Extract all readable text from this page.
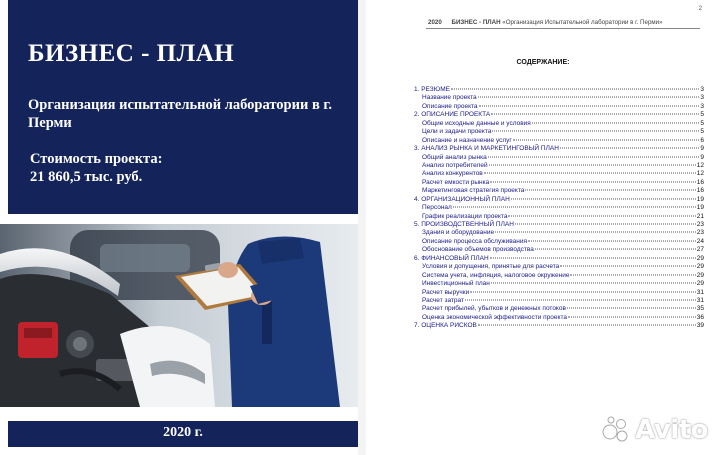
БИЗНЕС - ПЛАН
Организация испытательной лаборатории в г. Перми
Стоимость проекта:
21 860,5 тыс. руб.
2020 г.
2
2020 БИЗНЕС - ПЛАН «Организация Испытательной лаборатории в г. Перми»
СОДЕРЖАНИЕ:
1. РЕЗЮМЕ	3
Название проекта	3
Описание проекта	3
2. ОПИСАНИЕ ПРОЕКТА	5
Общие исходные данные и условия	5
Цели и задачи проекта	5
Описание и назначение услуг	6
3. АНАЛИЗ РЫНКА И МАРКЕТИНГОВЫЙ ПЛАН	9
Общий анализ рынка	9
Анализ потребителей	12
Анализ конкурентов	12
Расчет емкости рынка	16
Маркетинговая стратегия проекта	16
4. ОРГАНИЗАЦИОННЫЙ ПЛАН	19
Персонал	19
График реализации проекта	21
5. ПРОИЗВОДСТВЕННЫЙ ПЛАН	23
Здания и оборудование	23
Описание процесса обслуживания	24
Обоснование объемов производства	27
6. ФИНАНСОВЫЙ ПЛАН	29
Условия и допущения, принятые для расчета	29
Система учета, инфляция, налоговое окружение	29
Инвестиционный план	29
Расчет выручки	31
Расчет затрат	31
Расчет прибылей, убытков и денежных потоков	35
Оценка экономической эффективности проекта	36
7. ОЦЕНКА РИСКОВ	39
Avito
